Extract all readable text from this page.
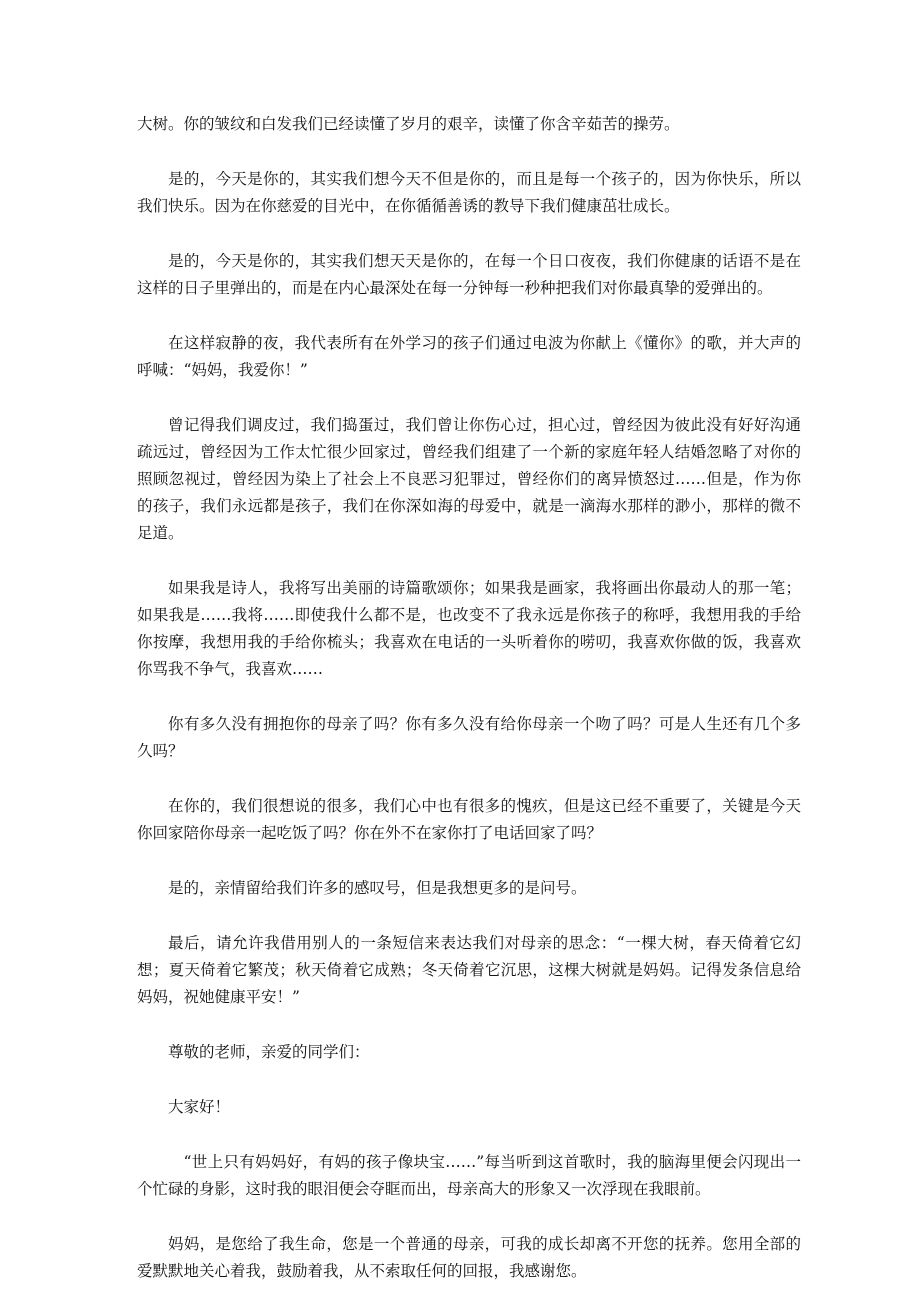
大树。你的皱纹和白发我们已经读懂了岁月的艰辛，读懂了你含辛茹苦的操劳。

是的，今天是你的，其实我们想今天不但是你的，而且是每一个孩子的，因为你快乐，所以我们快乐。因为在你慈爱的目光中，在你循循善诱的教导下我们健康茁壮成长。

是的，今天是你的，其实我们想天天是你的，在每一个日口夜夜，我们你健康的话语不是在这样的日子里弹出的，而是在内心最深处在每一分钟每一秒种把我们对你最真挚的爱弹出的。

在这样寂静的夜，我代表所有在外学习的孩子们通过电波为你献上《懂你》的歌，并大声的呼喊：“妈妈，我爱你！”

曾记得我们调皮过，我们捣蛋过，我们曾让你伤心过，担心过，曾经因为彼此没有好好沟通疏远过，曾经因为工作太忙很少回家过，曾经我们组建了一个新的家庭年轻人结婚忽略了对你的照顾忽视过，曾经因为染上了社会上不良恶习犯罪过，曾经你们的离异愤怒过……但是，作为你的孩子，我们永远都是孩子，我们在你深如海的母爱中，就是一滴海水那样的渺小，那样的微不足道。

如果我是诗人，我将写出美丽的诗篇歌颂你；如果我是画家，我将画出你最动人的那一笔；如果我是……我将……即使我什么都不是，也改变不了我永远是你孩子的称呼，我想用我的手给你按摩，我想用我的手给你梳头；我喜欢在电话的一头听着你的唠叨，我喜欢你做的饭，我喜欢你骂我不争气，我喜欢……

你有多久没有拥抱你的母亲了吗？你有多久没有给你母亲一个吻了吗？可是人生还有几个多久吗？

在你的，我们很想说的很多，我们心中也有很多的愧疚，但是这已经不重要了，关键是今天你回家陪你母亲一起吃饭了吗？你在外不在家你打了电话回家了吗？

是的，亲情留给我们许多的感叹号，但是我想更多的是问号。

最后，请允许我借用别人的一条短信来表达我们对母亲的思念：“一棵大树，春天倚着它幻想；夏天倚着它繁茂；秋天倚着它成熟；冬天倚着它沉思，这棵大树就是妈妈。记得发条信息给妈妈，祝她健康平安！”

尊敬的老师，亲爱的同学们：

大家好！

“世上只有妈妈好，有妈的孩子像块宝……”每当听到这首歌时，我的脑海里便会闪现出一个忙碌的身影，这时我的眼泪便会夺眶而出，母亲高大的形象又一次浮现在我眼前。

妈妈，是您给了我生命，您是一个普通的母亲，可我的成长却离不开您的抚养。您用全部的爱默默地关心着我，鼓励着我，从不索取任何的回报，我感谢您。
